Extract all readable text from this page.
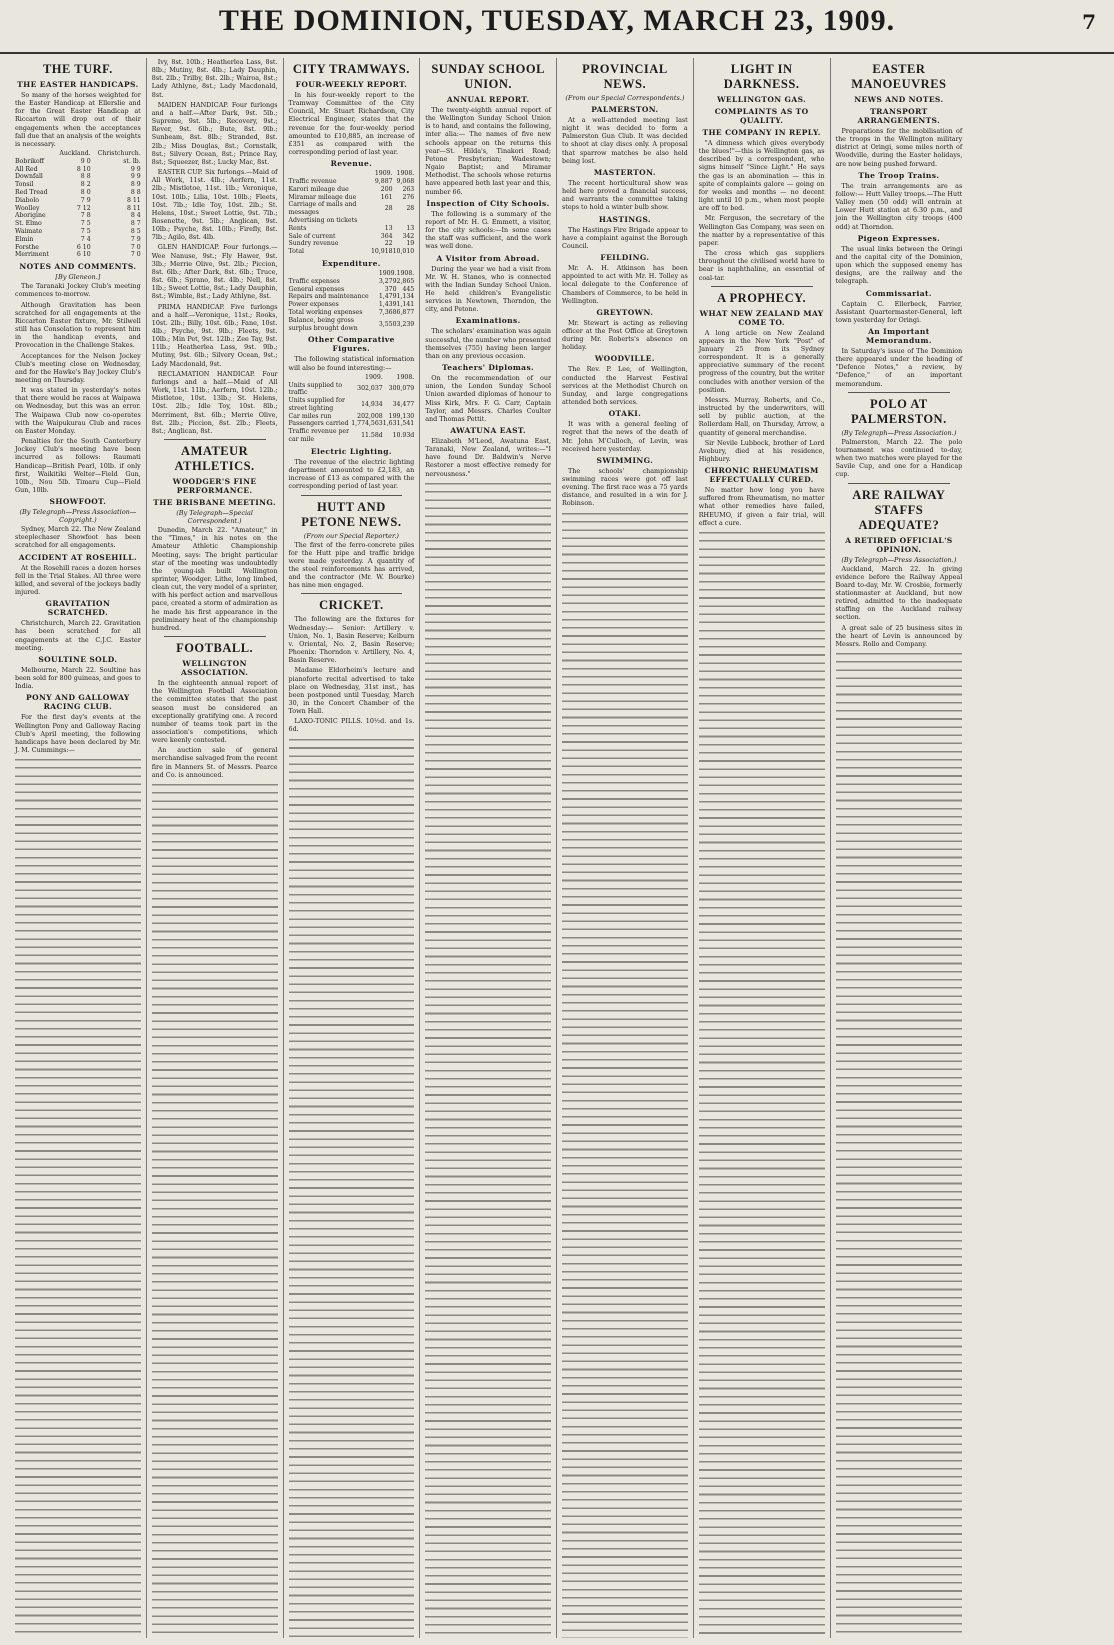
THE DOMINION, TUESDAY, MARCH 23, 1909.	7
THE TURF.
THE EASTER HANDICAPS.

So many of the horses weighted for the Easter Handicap at Ellerslie and for the Great Easter Handicap at Riccarton will drop out of their engagements when the acceptances fall due that an analysis of the weights is necessary.

	Auckland.	Christchurch.
Bobrikoff	9 0	st. lb.
All Red	8 10	9 9
Downfall	8 8	9 9
Tonsil	8 2	8 9
Red Tread	8 0	8 8
Diabolo	7 9	8 11
Woolley	7 12	8 11
Aborigine	7 8	8 4
St. Elmo	7 5	8 7
Waimate	7 5	8 5
Elmin	7 4	7 9
Forsthe	6 10	7 0
Merriment	6 10	7 0
NOTES AND COMMENTS.
[By Gleneon.]

The Taranaki Jockey Club's meeting commences to-morrow.

Although Gravitation has been scratched for all engagements at the Riccarton Easter fixture, Mr. Stilwell still has Consolation to represent him in the handicap events, and Provocation in the Challenge Stakes.

Acceptances for the Nelson Jockey Club's meeting close on Wednesday, and for the Hawke's Bay Jockey Club's meeting on Thursday.

It was stated in yesterday's notes that there would be races at Waipawa on Wednesday, but this was an error. The Waipawa Club now co-operates with the Waipukurau Club and races on Easter Monday.

Penalties for the South Canterbury Jockey Club's meeting have been incurred as follows: Raumati Handicap—British Pearl, 10lb. if only first, Waikitiki Welter—Field Gun, 10lb., Nou 5lb. Timaru Cup—Field Gun, 10lb.

SHOWFOOT.
(By Telegraph—Press Association—Copyright.)

Sydney, March 22. The New Zealand steeplechaser Showfoot has been scratched for all engagements.

ACCIDENT AT ROSEHILL.

At the Rosehill races a dozen horses fell in the Trial Stakes. All three were killed, and several of the jockeys badly injured.

GRAVITATION SCRATCHED.

Christchurch, March 22. Gravitation has been scratched for all engagements at the C.J.C. Easter meeting.

SOULTINE SOLD.

Melbourne, March 22. Soultine has been sold for 800 guineas, and goes to India.

PONY AND GALLOWAY RACING CLUB.

For the first day's events at the Wellington Pony and Galloway Racing Club's April meeting, the following handicaps have been declared by Mr. J. M. Cummings:—

Ivy, 8st. 10lb.; Heatherlea Lass, 8st. 8lb.; Mutiny, 8st. 4lb.; Lady Dauphin, 8st. 2lb.; Trilby, 8st. 2lb.; Wairoa, 8st.; Lady Athlyne, 8st.; Lady Macdonald, 8st.

MAIDEN HANDICAP. Four furlongs and a half.—After Dark, 9st. 5lb.; Supreme, 9st. 5lb.; Recovery, 9st.; Rever, 9st. 6lb.; Bute, 8st. 9lb.; Sunbeam, 8st. 8lb.; Stranded, 8st. 2lb.; Miss Douglas, 8st.; Cornstalk, 8st.; Silvery Ocean, 8st.; Prince Ray, 8st.; Squeezer, 8st.; Lucky Mac, 8st.

EASTER CUP. Six furlongs.—Maid of All Work, 11st. 4lb.; Aerfern, 11st. 2lb.; Mistletoe, 11st. 1lb.; Veronique, 10st. 10lb.; Lilia, 10st. 10lb.; Fleets, 10st. 7lb.; Idle Toy, 10st. 2lb.; St. Helens, 10st.; Sweet Lottie, 9st. 7lb.; Rosenette, 9st. 5lb.; Anglican, 9st. 10lb.; Psyche, 8st. 10lb.; Firefly, 8st. 7lb.; Agilo, 8st. 4lb.

GLEN HANDICAP. Four furlongs.—Wee Nanuse, 9st.; Fly Hawer, 9st. 3lb.; Merrie Olive, 9st. 2lb.; Piccion, 8st. 6lb.; After Dark, 8st. 6lb.; Truce, 8st. 6lb.; Sprano, 8st. 4lb.; Nell, 8st. 1lb.; Sweet Lottie, 8st.; Lady Dauphin, 8st.; Wimble, 8st.; Lady Athlyne, 8st.

PRIMA HANDICAP. Five furlongs and a half.—Veronique, 11st.; Rooks, 10st. 2lb.; Billy, 10st. 6lb.; Fane, 10st. 4lb.; Psyche, 9st. 9lb.; Fleets, 9st. 10lb.; Min Pet, 9st. 12lb.; Zee Tay, 9st. 11lb.; Heatherlea Lass, 9st. 9lb.; Mutiny, 9st. 6lb.; Silvery Ocean, 9st.; Lady Macdonald, 9st.

RECLAMATION HANDICAP. Four furlongs and a half.—Maid of All Work, 11st. 11lb.; Aerfern, 10st. 12lb.; Mistletoe, 10st. 13lb.; St. Helens, 10st. 2lb.; Idle Toy, 10st. 8lb.; Merriment, 8st. 6lb.; Merrie Olive, 8st. 2lb.; Piccion, 8st. 2lb.; Fleets, 8st.; Anglican, 8st.

AMATEUR ATHLETICS.
WOODGER'S FINE PERFORMANCE.
THE BRISBANE MEETING.
(By Telegraph—Special Correspondent.)

Dunedin, March 22. "Amateur," in the "Times," in his notes on the Amateur Athletic Championship Meeting, says: The bright particular star of the meeting was undoubtedly the young-ish built Wellington sprinter, Woodger. Lithe, long limbed, clean cut, the very model of a sprinter, with his perfect action and marvellous pace, created a storm of admiration as he made his first appearance in the preliminary heat of the championship hundred.

FOOTBALL.
WELLINGTON ASSOCIATION.

In the eighteenth annual report of the Wellington Football Association the committee states that the past season must be considered an exceptionally gratifying one. A record number of teams took part in the association's competitions, which were keenly contested.

An auction sale of general merchandise salvaged from the recent fire in Manners St. of Messrs. Pearce and Co. is announced.

CITY TRAMWAYS.
FOUR-WEEKLY REPORT.

In his four-weekly report to the Tramway Committee of the City Council, Mr. Stuart Richardson, City Electrical Engineer, states that the revenue for the four-weekly period amounted to £10,885, an increase of £351 as compared with the corresponding period of last year.

Revenue.
	1909.	1908.
Traffic revenue	9,887	9,068
Karori mileage due	200	263
Miramar mileage due	161	276
Carriage of mails and messages	28	28
Advertising on tickets		
Rents	13	13
Sale of current	364	342
Sundry revenue	22	19
Total	10,918	10,010
Expenditure.
	1909.	1908.
Traffic expenses	3,279	2,865
General expenses	370	445
Repairs and maintenance	1,479	1,134
Power expenses	1,439	1,141
Total working expenses	7,368	6,877
Balance, being gross surplus brought down	3,550	3,239
Other Comparative Figures.

The following statistical information will also be found interesting:—

	1909.	1908.
Units supplied to traffic	302,037	300,079
Units supplied for street lighting	14,934	34,477
Car miles run	202,008	199,130
Passengers carried	1,774,563	1,631,541
Traffic revenue per car mile	11.58d	10.93d
Electric Lighting.

The revenue of the electric lighting department amounted to £2,183, an increase of £13 as compared with the corresponding period of last year.

HUTT AND PETONE NEWS.
(From our Special Reporter.)

The first of the ferro-concrete piles for the Hutt pipe and traffic bridge were made yesterday. A quantity of the steel reinforcements has arrived, and the contractor (Mr. W. Bourke) has nine men engaged.

CRICKET.

The following are the fixtures for Wednesday:— Senior: Artillery v. Union, No. 1, Basin Reserve; Kelburn v. Oriental, No. 2, Basin Reserve; Phoenix: Thorndon v. Artillery, No. 4, Basin Reserve.

Madame Eldorheim's lecture and pianoforte recital advertised to take place on Wednesday, 31st inst., has been postponed until Tuesday, March 30, in the Concert Chamber of the Town Hall.

LAXO-TONIC PILLS. 10½d. and 1s. 6d.

SUNDAY SCHOOL UNION.
ANNUAL REPORT.

The twenty-eighth annual report of the Wellington Sunday School Union is to hand, and contains the following, inter alia:— The names of five new schools appear on the returns this year—St. Hilda's, Tinakori Road; Petone Presbyterian; Wadestown; Ngaio Baptist; and Miramar Methodist. The schools whose returns have appeared both last year and this, number 66.

Inspection of City Schools.

The following is a summary of the report of Mr. H. G. Emmett, a visitor, for the city schools:—In some cases the staff was sufficient, and the work was well done.

A Visitor from Abroad.

During the year we had a visit from Mr. W. H. Stanes, who is connected with the Indian Sunday School Union. He held children's Evangelistic services in Newtown, Thorndon, the city, and Petone.

Examinations.

The scholars' examination was again successful, the number who presented themselves (755) having been larger than on any previous occasion.

Teachers' Diplomas.

On the recommendation of our union, the London Sunday School Union awarded diplomas of honour to Miss Kirk, Mrs. F. G. Carr, Captain Taylor, and Messrs. Charles Coulter and Thomas Pettit.

AWATUNA EAST.

Elizabeth M'Leod, Awatuna East, Taranaki, New Zealand, writes:—"I have found Dr. Baldwin's Nerve Restorer a most effective remedy for nervousness."

PROVINCIAL NEWS.
(From our Special Correspondents.)
PALMERSTON.

At a well-attended meeting last night it was decided to form a Palmerston Gun Club. It was decided to shoot at clay discs only. A proposal that sparrow matches be also held being lost.

MASTERTON.

The recent horticultural show was held here proved a financial success, and warrants the committee taking steps to hold a winter bulb show.

HASTINGS.

The Hastings Fire Brigade appear to have a complaint against the Borough Council.

FEILDING.

Mr. A. H. Atkinson has been appointed to act with Mr. H. Tolley as local delegate to the Conference of Chambers of Commerce, to be held in Wellington.

GREYTOWN.

Mr. Stewart is acting as relieving officer at the Post Office at Greytown during Mr. Roberts's absence on holiday.

WOODVILLE.

The Rev. P. Lee, of Wellington, conducted the Harvest Festival services at the Methodist Church on Sunday, and large congregations attended both services.

OTAKI.

It was with a general feeling of regret that the news of the death of Mr. John M'Culloch, of Levin, was received here yesterday.

SWIMMING.

The schools' championship swimming races were got off last evening. The first race was a 75 yards distance, and resulted in a win for J. Robinson.

LIGHT IN DARKNESS.
WELLINGTON GAS.
COMPLAINTS AS TO QUALITY.
THE COMPANY IN REPLY.

"A dimness which gives everybody the blues!"—this is Wellington gas, as described by a correspondent, who signs himself "Since Light." He says the gas is an abomination — this in spite of complaints galore — going on for weeks and months — no decent light until 10 p.m., when most people are off to bed.

Mr. Ferguson, the secretary of the Wellington Gas Company, was seen on the matter by a representative of this paper.

The cross which gas suppliers throughout the civilised world have to bear is naphthaline, an essential of coal-tar.

A PROPHECY.
WHAT NEW ZEALAND MAY COME TO.

A long article on New Zealand appears in the New York "Post" of January 25 from its Sydney correspondent. It is a generally appreciative summary of the recent progress of the country, but the writer concludes with another version of the position.

Messrs. Murray, Roberts, and Co., instructed by the underwriters, will sell by public auction, at the Rollerdam Hall, on Thursday, Arrow, a quantity of general merchandise.

Sir Nevile Lubbock, brother of Lord Avebury, died at his residence, Highbury.

CHRONIC RHEUMATISM EFFECTUALLY CURED.

No matter how long you have suffered from Rheumatism, no matter what other remedies have failed, RHEUMO, if given a fair trial, will effect a cure.

EASTER MANOEUVRES
NEWS AND NOTES.
TRANSPORT ARRANGEMENTS.

Preparations for the mobilisation of the troops in the Wellington military district at Oringi, some miles north of Woodville, during the Easter holidays, are now being pushed forward.

The Troop Trains.

The train arrangements are as follow:— Hutt Valley troops.—The Hutt Valley men (50 odd) will entrain at Lower Hutt station at 6.30 p.m., and join the Wellington city troops (400 odd) at Thorndon.

Pigeon Expresses.

The usual links between the Oringi and the capital city of the Dominion, upon which the supposed enemy has designs, are the railway and the telegraph.

Commissariat.

Captain C. Ellerbeck, Farrier, Assistant Quartermaster-General, left town yesterday for Oringi.

An Important Memorandum.

In Saturday's issue of The Dominion there appeared under the heading of "Defence Notes," a review, by "Defence," of an important memorandum.

POLO AT PALMERSTON.
(By Telegraph—Press Association.)

Palmerston, March 22. The polo tournament was continued to-day, when two matches were played for the Savile Cup, and one for a Handicap cup.

ARE RAILWAY STAFFS ADEQUATE?
A RETIRED OFFICIAL'S OPINION.
(By Telegraph—Press Association.)

Auckland, March 22. In giving evidence before the Railway Appeal Board to-day, Mr. W. Crosbie, formerly stationmaster at Auckland, but now retired, admitted to the inadequate staffing on the Auckland railway section.

A great sale of 25 business sites in the heart of Levin is announced by Messrs. Rollo and Company.
